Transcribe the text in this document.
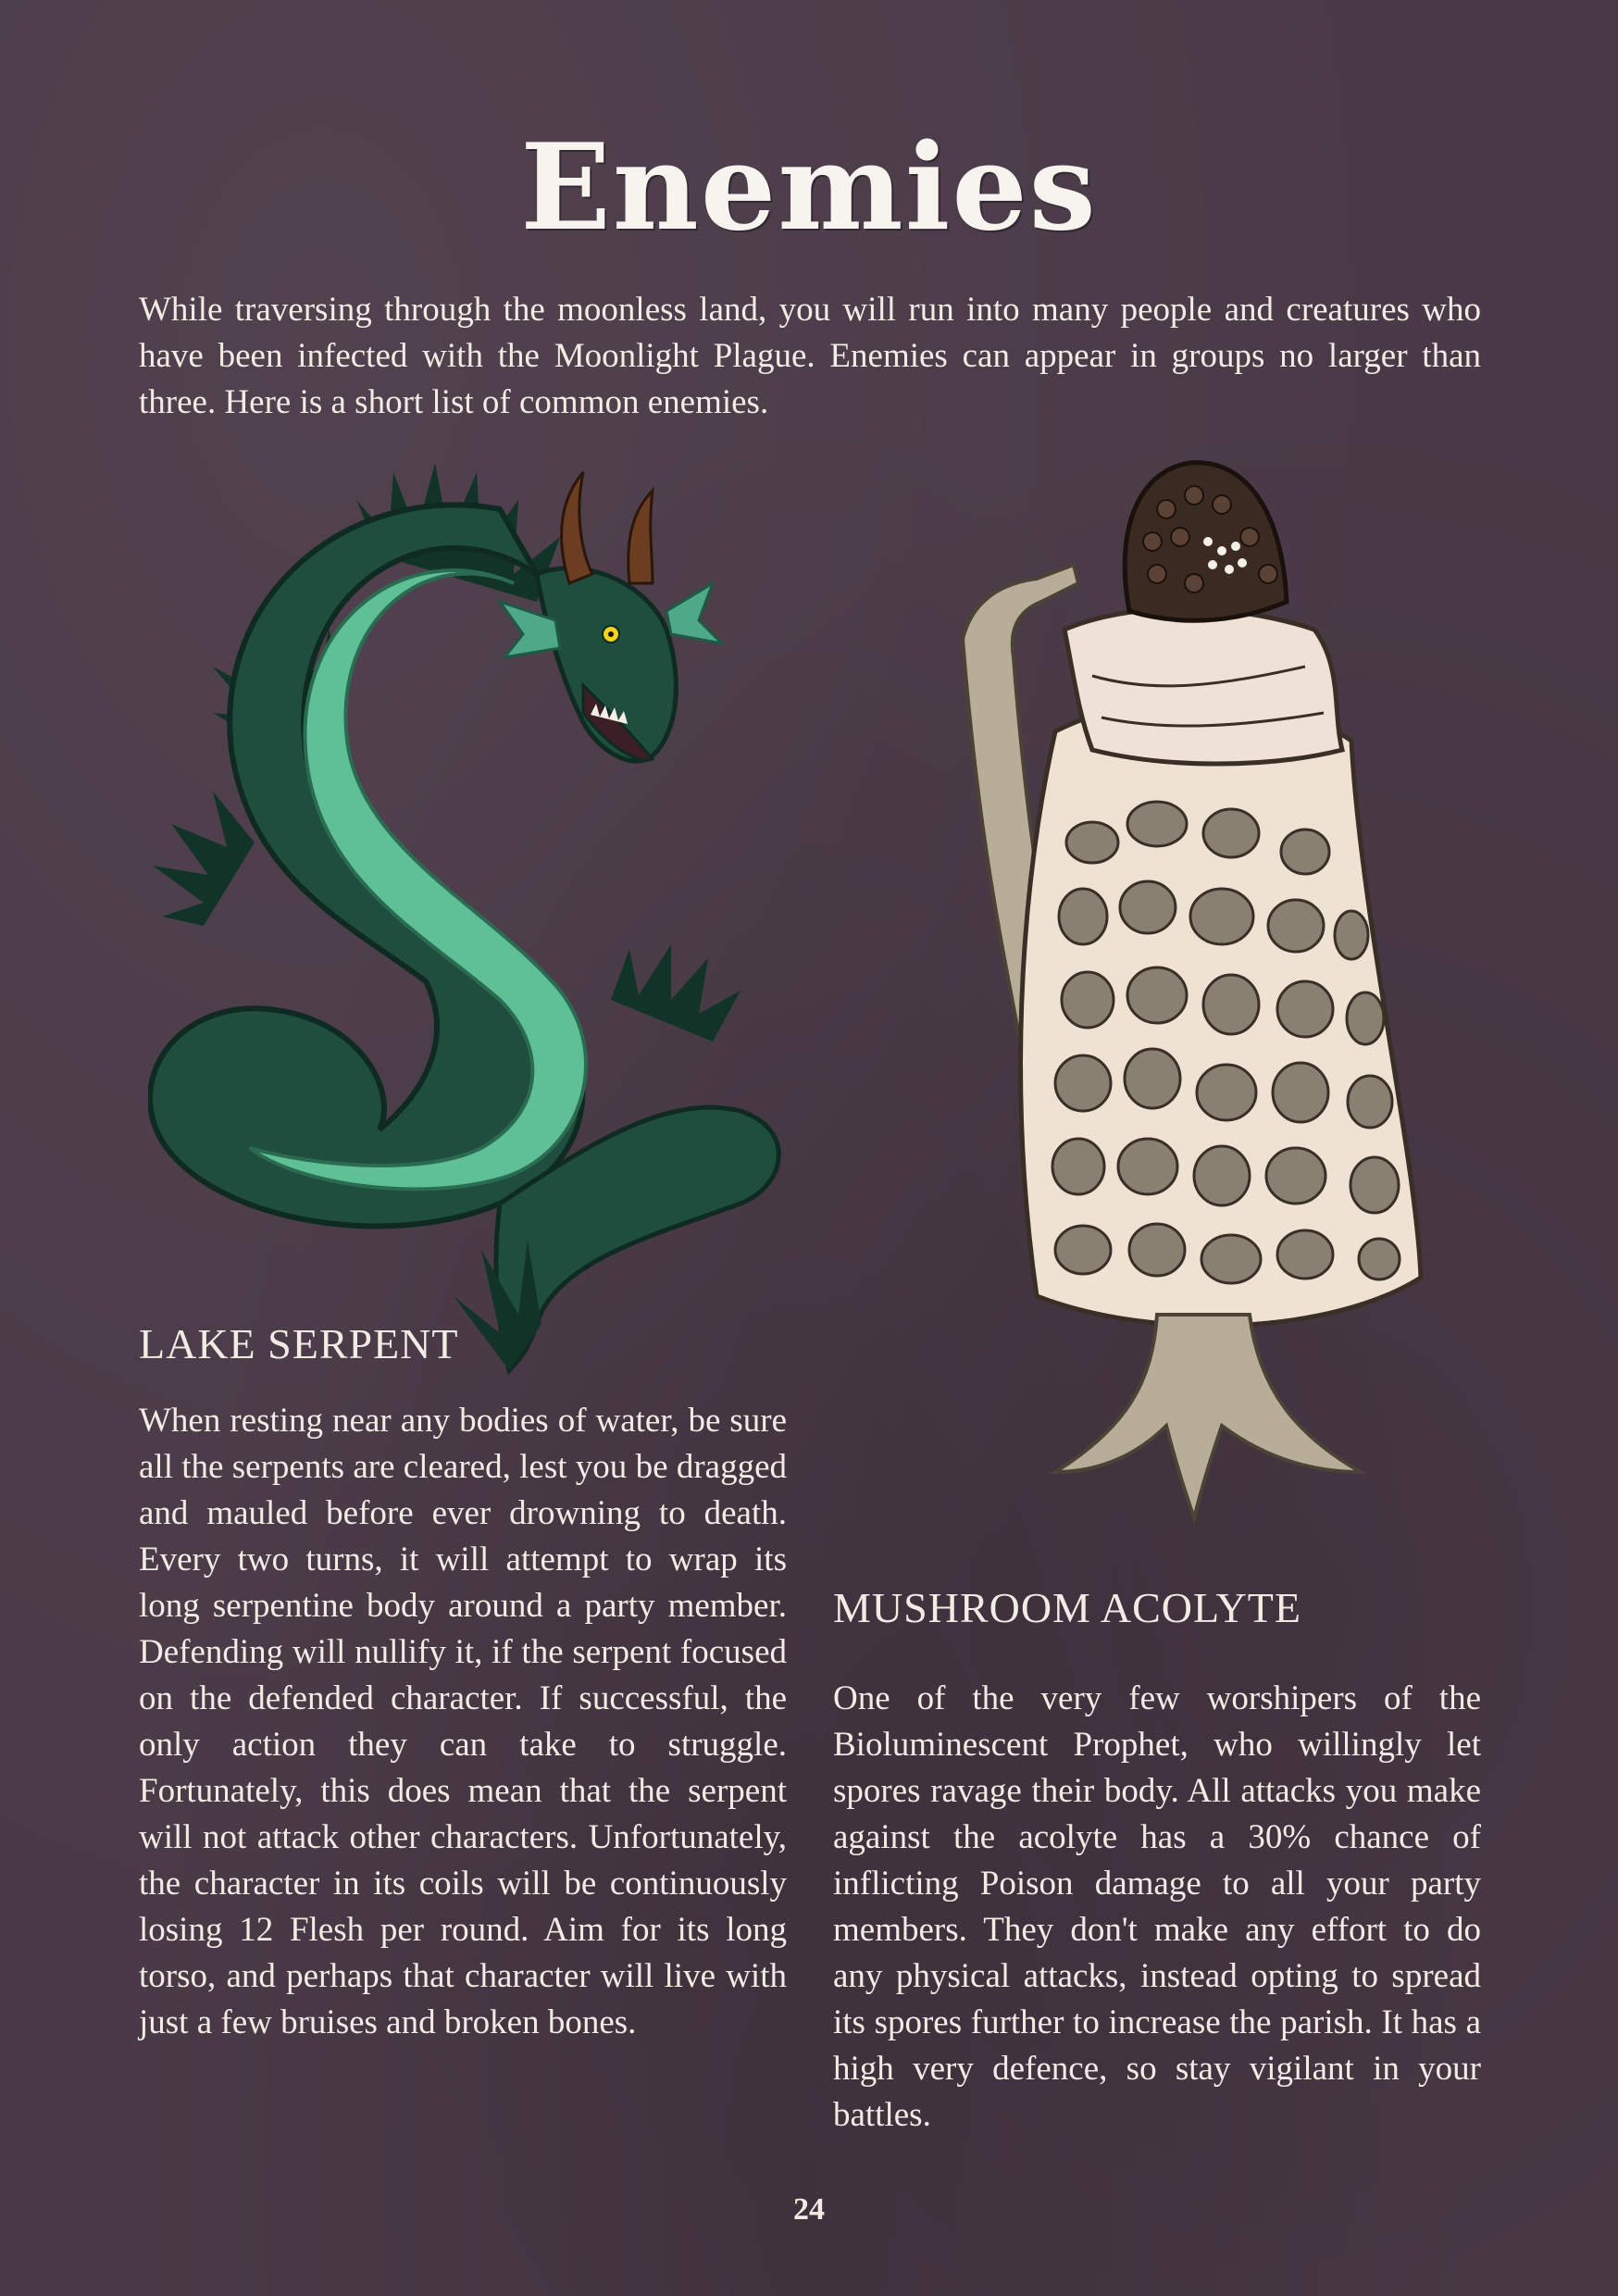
Enemies
While traversing through the moonless land, you will run into many people and creatures who have been infected with the Moonlight Plague. Enemies can appear in groups no larger than three. Here is a short list of common enemies.
LAKE SERPENT
When resting near any bodies of water, be sure all the serpents are cleared, lest you be dragged and mauled before ever drowning to death. Every two turns, it will attempt to wrap its long serpentine body around a party member. Defending will nullify it, if the serpent focused on the defended character. If successful, the only action they can take to struggle. Fortunately, this does mean that the serpent will not attack other characters. Unfortunately, the character in its coils will be continuously losing 12 Flesh per round. Aim for its long torso, and perhaps that character will live with just a few bruises and broken bones.
MUSHROOM ACOLYTE
One of the very few worshipers of the Bioluminescent Prophet, who willingly let spores ravage their body. All attacks you make against the acolyte has a 30% chance of inflicting Poison damage to all your party members. They don't make any effort to do any physical attacks, instead opting to spread its spores further to increase the parish. It has a high very defence, so stay vigilant in your battles.
24
